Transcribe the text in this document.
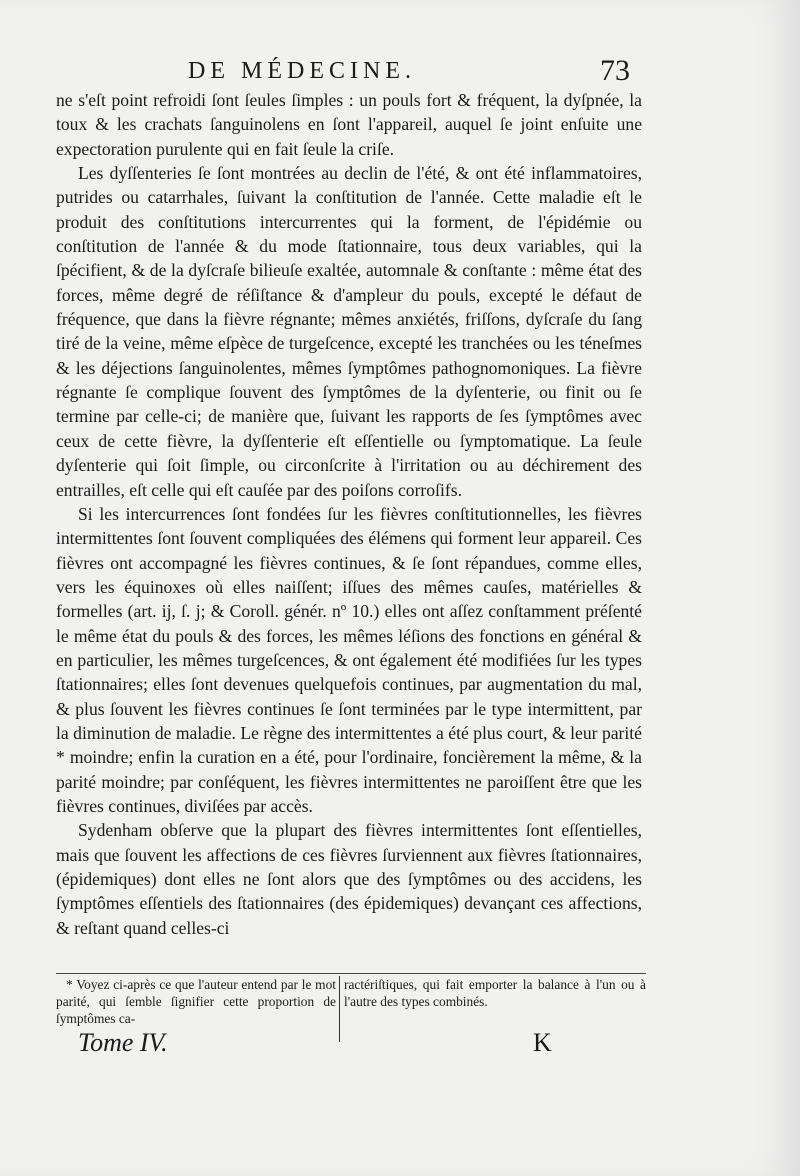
DE MÉDECINE.	73

ne s'eſt point refroidi ſont ſeules ſimples : un pouls fort & fréquent, la dyſpnée, la toux & les crachats ſanguinolens en ſont l'appareil, auquel ſe joint enſuite une expectoration purulente qui en fait ſeule la criſe.

Les dyſſenteries ſe ſont montrées au declin de l'été, & ont été inflammatoires, putrides ou catarrhales, ſuivant la conſtitution de l'année. Cette maladie eſt le produit des conſtitutions intercurrentes qui la forment, de l'épidémie ou conſtitution de l'année & du mode ſtationnaire, tous deux variables, qui la ſpécifient, & de la dyſcraſe bilieuſe exaltée, automnale & conſtante : même état des forces, même degré de réſiſtance & d'ampleur du pouls, excepté le défaut de fréquence, que dans la fièvre régnante; mêmes anxiétés, friſſons, dyſcraſe du ſang tiré de la veine, même eſpèce de turgeſcence, excepté les tranchées ou les téneſmes & les déjections ſanguinolentes, mêmes ſymptômes pathognomoniques. La fièvre régnante ſe complique ſouvent des ſymptômes de la dyſenterie, ou finit ou ſe termine par celle-ci; de manière que, ſuivant les rapports de ſes ſymptômes avec ceux de cette fièvre, la dyſſenterie eſt eſſentielle ou ſymptomatique. La ſeule dyſenterie qui ſoit ſimple, ou circonſcrite à l'irritation ou au déchirement des entrailles, eſt celle qui eſt cauſée par des poiſons corroſifs.

Si les intercurrences ſont fondées ſur les fièvres conſtitutionnelles, les fièvres intermittentes ſont ſouvent compliquées des élémens qui forment leur appareil. Ces fièvres ont accompagné les fièvres continues, & ſe ſont répandues, comme elles, vers les équinoxes où elles naiſſent; iſſues des mêmes cauſes, matérielles & formelles (art. ij, ſ. j; & Coroll. génér. nº 10.) elles ont aſſez conſtamment préſenté le même état du pouls & des forces, les mêmes léſions des fonctions en général & en particulier, les mêmes turgeſcences, & ont également été modifiées ſur les types ſtationnaires; elles ſont devenues quelquefois continues, par augmentation du mal, & plus ſouvent les fièvres continues ſe ſont terminées par le type intermittent, par la diminution de maladie. Le règne des intermittentes a été plus court, & leur parité * moindre; enfin la curation en a été, pour l'ordinaire, foncièrement la même, & la parité moindre; par conſéquent, les fièvres intermittentes ne paroiſſent être que les fièvres continues, diviſées par accès.

Sydenham obſerve que la plupart des fièvres intermittentes ſont eſſentielles, mais que ſouvent les affections de ces fièvres ſurviennent aux fièvres ſtationnaires, (épidemiques) dont elles ne ſont alors que des ſymptômes ou des accidens, les ſymptômes eſſentiels des ſtationnaires (des épidemiques) devançant ces affections, & reſtant quand celles-ci

* Voyez ci-après ce que l'auteur entend par le mot parité, qui ſemble ſignifier cette proportion de ſymptômes ca-
ractériſtiques, qui fait emporter la balance à l'un ou à l'autre des types combinés.
Tome IV.	K
